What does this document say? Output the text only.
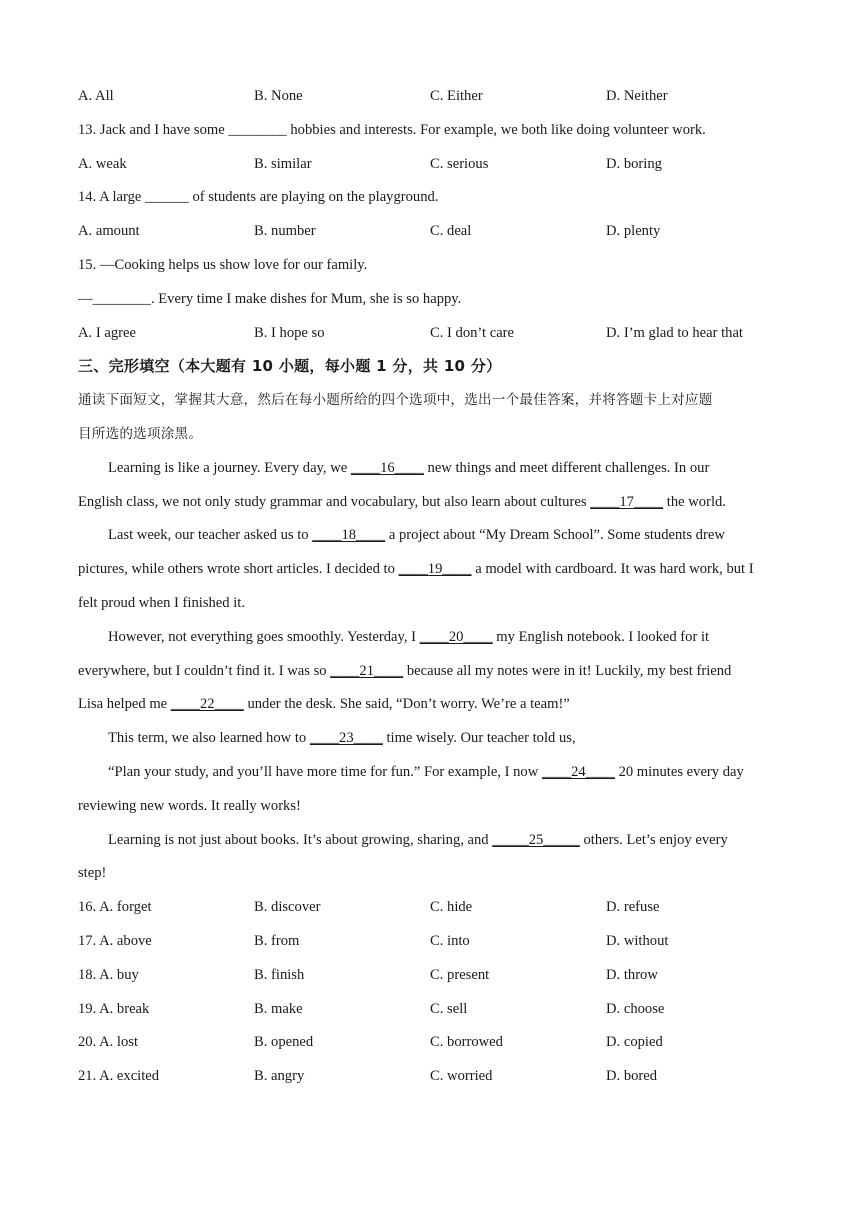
A. All	B. None	C. Either	D. Neither
13. Jack and I have some ________ hobbies and interests. For example, we both like doing volunteer work.
A. weak	B. similar	C. serious	D. boring
14. A large ______ of students are playing on the playground.
A. amount	B. number	C. deal	D. plenty
15. —Cooking helps us show love for our family.
—________. Every time I make dishes for Mum, she is so happy.
A. I agree	B. I hope so	C. I don’t care	D. I’m glad to hear that
三、完形填空（本大题有 10 小题，每小题 1 分，共 10 分）
通读下面短文，掌握其大意，然后在每小题所给的四个选项中，选出一个最佳答案，并将答题卡上对应题
目所选的选项涂黑。
Learning is like a journey. Every day, we ____16____ new things and meet different challenges. In our
English class, we not only study grammar and vocabulary, but also learn about cultures ____17____ the world.
Last week, our teacher asked us to ____18____ a project about “My Dream School”. Some students drew
pictures, while others wrote short articles. I decided to ____19____ a model with cardboard. It was hard work, but I
felt proud when I finished it.
However, not everything goes smoothly. Yesterday, I ____20____ my English notebook. I looked for it
everywhere, but I couldn’t find it. I was so ____21____ because all my notes were in it! Luckily, my best friend
Lisa helped me ____22____ under the desk. She said, “Don’t worry. We’re a team!”
This term, we also learned how to ____23____ time wisely. Our teacher told us,
“Plan your study, and you’ll have more time for fun.” For example, I now ____24____ 20 minutes every day
reviewing new words. It really works!
Learning is not just about books. It’s about growing, sharing, and _____25_____ others. Let’s enjoy every
step!
16. A. forget	B. discover	C. hide	D. refuse
17. A. above	B. from	C. into	D. without
18. A. buy	B. finish	C. present	D. throw
19. A. break	B. make	C. sell	D. choose
20. A. lost	B. opened	C. borrowed	D. copied
21. A. excited	B. angry	C. worried	D. bored
